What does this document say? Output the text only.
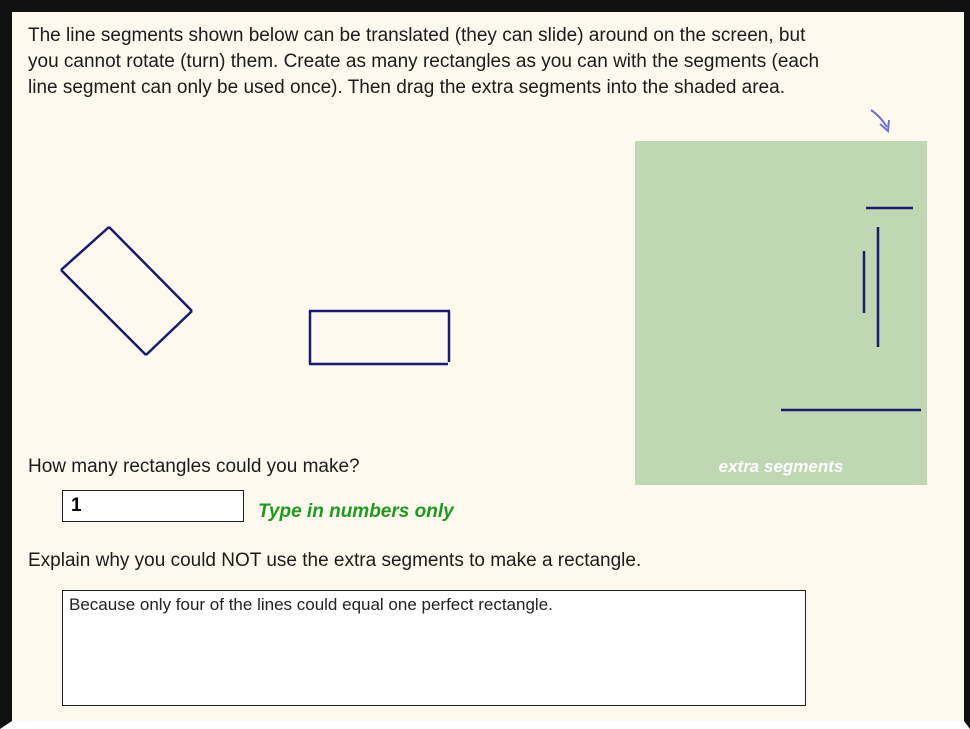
The line segments shown below can be translated (they can slide) around on the screen, but
you cannot rotate (turn) them. Create as many rectangles as you can with the segments (each
line segment can only be used once). Then drag the extra segments into the shaded area.
extra segments
How many rectangles could you make?
1
Type in numbers only
Explain why you could NOT use the extra segments to make a rectangle.
Because only four of the lines could equal one perfect rectangle.
